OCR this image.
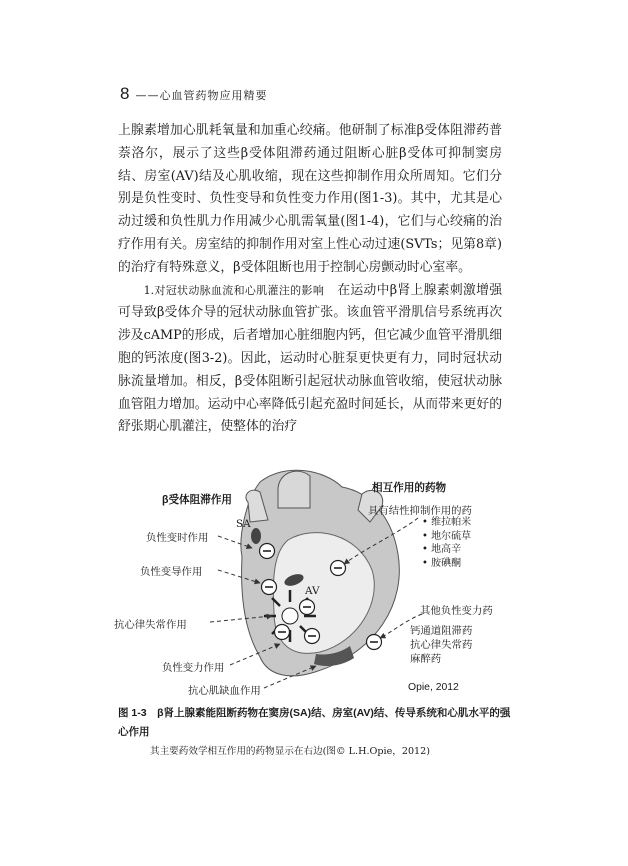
8 ——心血管药物应用精要

上腺素增加心肌耗氧量和加重心绞痛。他研制了标准β受体阻滞药普萘洛尔，展示了这些β受体阻滞药通过阻断心脏β受体可抑制窦房结、房室(AV)结及心肌收缩，现在这些抑制作用众所周知。它们分别是负性变时、负性变导和负性变力作用(图1-3)。其中，尤其是心动过缓和负性肌力作用减少心肌需氧量(图1-4)，它们与心绞痛的治疗作用有关。房室结的抑制作用对室上性心动过速(SVTs；见第8章)的治疗有特殊意义，β受体阻断也用于控制心房颤动时心室率。

1.对冠状动脉血流和心肌灌注的影响　 在运动中β肾上腺素刺激增强可导致β受体介导的冠状动脉血管扩张。该血管平滑肌信号系统再次涉及cAMP的形成，后者增加心脏细胞内钙，但它减少血管平滑肌细胞的钙浓度(图3-2)。因此，运动时心脏泵更快更有力，同时冠状动脉流量增加。相反，β受体阻断引起冠状动脉血管收缩，使冠状动脉血管阻力增加。运动中心率降低引起充盈时间延长，从而带来更好的舒张期心肌灌注，使整体的治疗

β受体阻滞作用
相互作用的药物
SA
AV
负性变时作用
负性变导作用
抗心律失常作用
负性变力作用
抗心肌缺血作用
具有结性抑制作用的药
• 维拉帕米
• 地尔硫草
• 地高辛
• 胺碘酮
其他负性变力药
钙通道阻滞药
抗心律失常药
麻醉药
Opie, 2012
图 1-3　β肾上腺素能阻断药物在窦房(SA)结、房室(AV)结、传导系统和心肌水平的强心作用
其主要药效学相互作用的药物显示在右边(图© L.H.Opie，2012)
